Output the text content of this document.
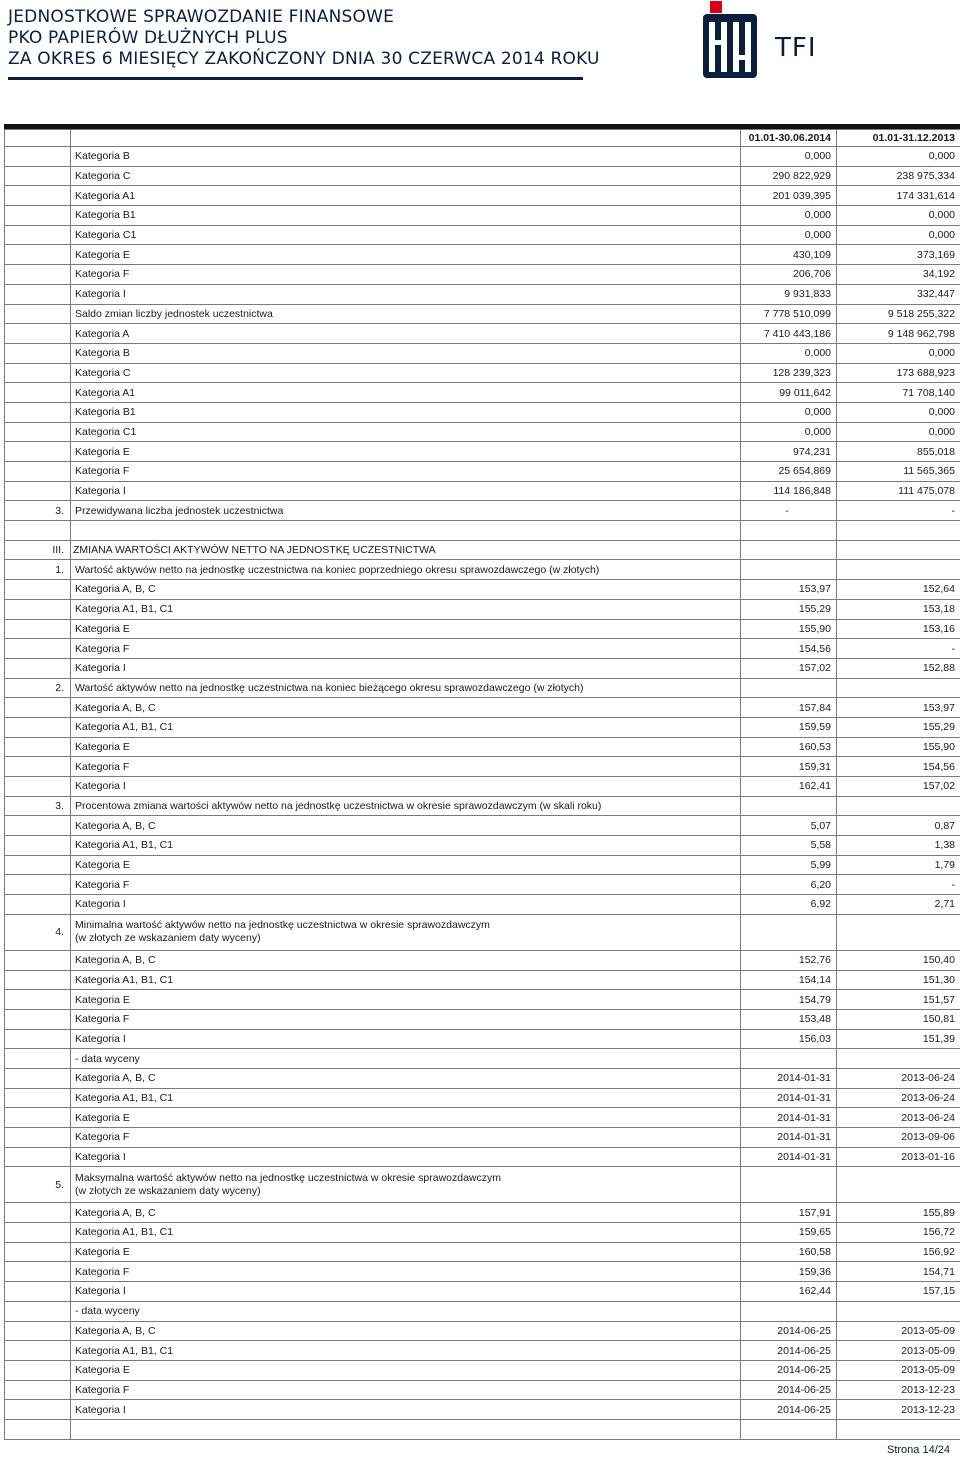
JEDNOSTKOWE SPRAWOZDANIE FINANSOWE
PKO PAPIERÓW DŁUŻNYCH PLUS
ZA OKRES 6 MIESIĘCY ZAKOŃCZONY DNIA 30 CZERWCA 2014 ROKU	TFI
		01.01-30.06.2014	01.01-31.12.2013
	Kategoria B	0,000	0,000
	Kategoria C	290 822,929	238 975,334
	Kategoria A1	201 039,395	174 331,614
	Kategoria B1	0,000	0,000
	Kategoria C1	0,000	0,000
	Kategoria E	430,109	373,169
	Kategoria F	206,706	34,192
	Kategoria I	9 931,833	332,447
	Saldo zmian liczby jednostek uczestnictwa	7 778 510,099	9 518 255,322
	Kategoria A	7 410 443,186	9 148 962,798
	Kategoria B	0,000	0,000
	Kategoria C	128 239,323	173 688,923
	Kategoria A1	99 011,642	71 708,140
	Kategoria B1	0,000	0,000
	Kategoria C1	0,000	0,000
	Kategoria E	974,231	855,018
	Kategoria F	25 654,869	11 565,365
	Kategoria I	114 186,848	111 475,078
3.	Przewidywana liczba jednostek uczestnictwa	-	-

III.	ZMIANA WARTOŚCI AKTYWÓW NETTO NA JEDNOSTKĘ UCZESTNICTWA		
1.	Wartość aktywów netto na jednostkę uczestnictwa na koniec poprzedniego okresu sprawozdawczego (w złotych)		
	Kategoria A, B, C	153,97	152,64
	Kategoria A1, B1, C1	155,29	153,18
	Kategoria E	155,90	153,16
	Kategoria F	154,56	-
	Kategoria I	157,02	152,88
2.	Wartość aktywów netto na jednostkę uczestnictwa na koniec bieżącego okresu sprawozdawczego (w złotych)		
	Kategoria A, B, C	157,84	153,97
	Kategoria A1, B1, C1	159,59	155,29
	Kategoria E	160,53	155,90
	Kategoria F	159,31	154,56
	Kategoria I	162,41	157,02
3.	Procentowa zmiana wartości aktywów netto na jednostkę uczestnictwa w okresie sprawozdawczym (w skali roku)		
	Kategoria A, B, C	5,07	0,87
	Kategoria A1, B1, C1	5,58	1,38
	Kategoria E	5,99	1,79
	Kategoria F	6,20	-
	Kategoria I	6,92	2,71
4.	Minimalna wartość aktywów netto na jednostkę uczestnictwa w okresie sprawozdawczym
(w złotych ze wskazaniem daty wyceny)		
	Kategoria A, B, C	152,76	150,40
	Kategoria A1, B1, C1	154,14	151,30
	Kategoria E	154,79	151,57
	Kategoria F	153,48	150,81
	Kategoria I	156,03	151,39
	- data wyceny		
	Kategoria A, B, C	2014-01-31	2013-06-24
	Kategoria A1, B1, C1	2014-01-31	2013-06-24
	Kategoria E	2014-01-31	2013-06-24
	Kategoria F	2014-01-31	2013-09-06
	Kategoria I	2014-01-31	2013-01-16
5.	Maksymalna wartość aktywów netto na jednostkę uczestnictwa w okresie sprawozdawczym
(w złotych ze wskazaniem daty wyceny)		
	Kategoria A, B, C	157,91	155,89
	Kategoria A1, B1, C1	159,65	156,72
	Kategoria E	160,58	156,92
	Kategoria F	159,36	154,71
	Kategoria I	162,44	157,15
	- data wyceny		
	Kategoria A, B, C	2014-06-25	2013-05-09
	Kategoria A1, B1, C1	2014-06-25	2013-05-09
	Kategoria E	2014-06-25	2013-05-09
	Kategoria F	2014-06-25	2013-12-23
	Kategoria I	2014-06-25	2013-12-23

Strona 14/24
